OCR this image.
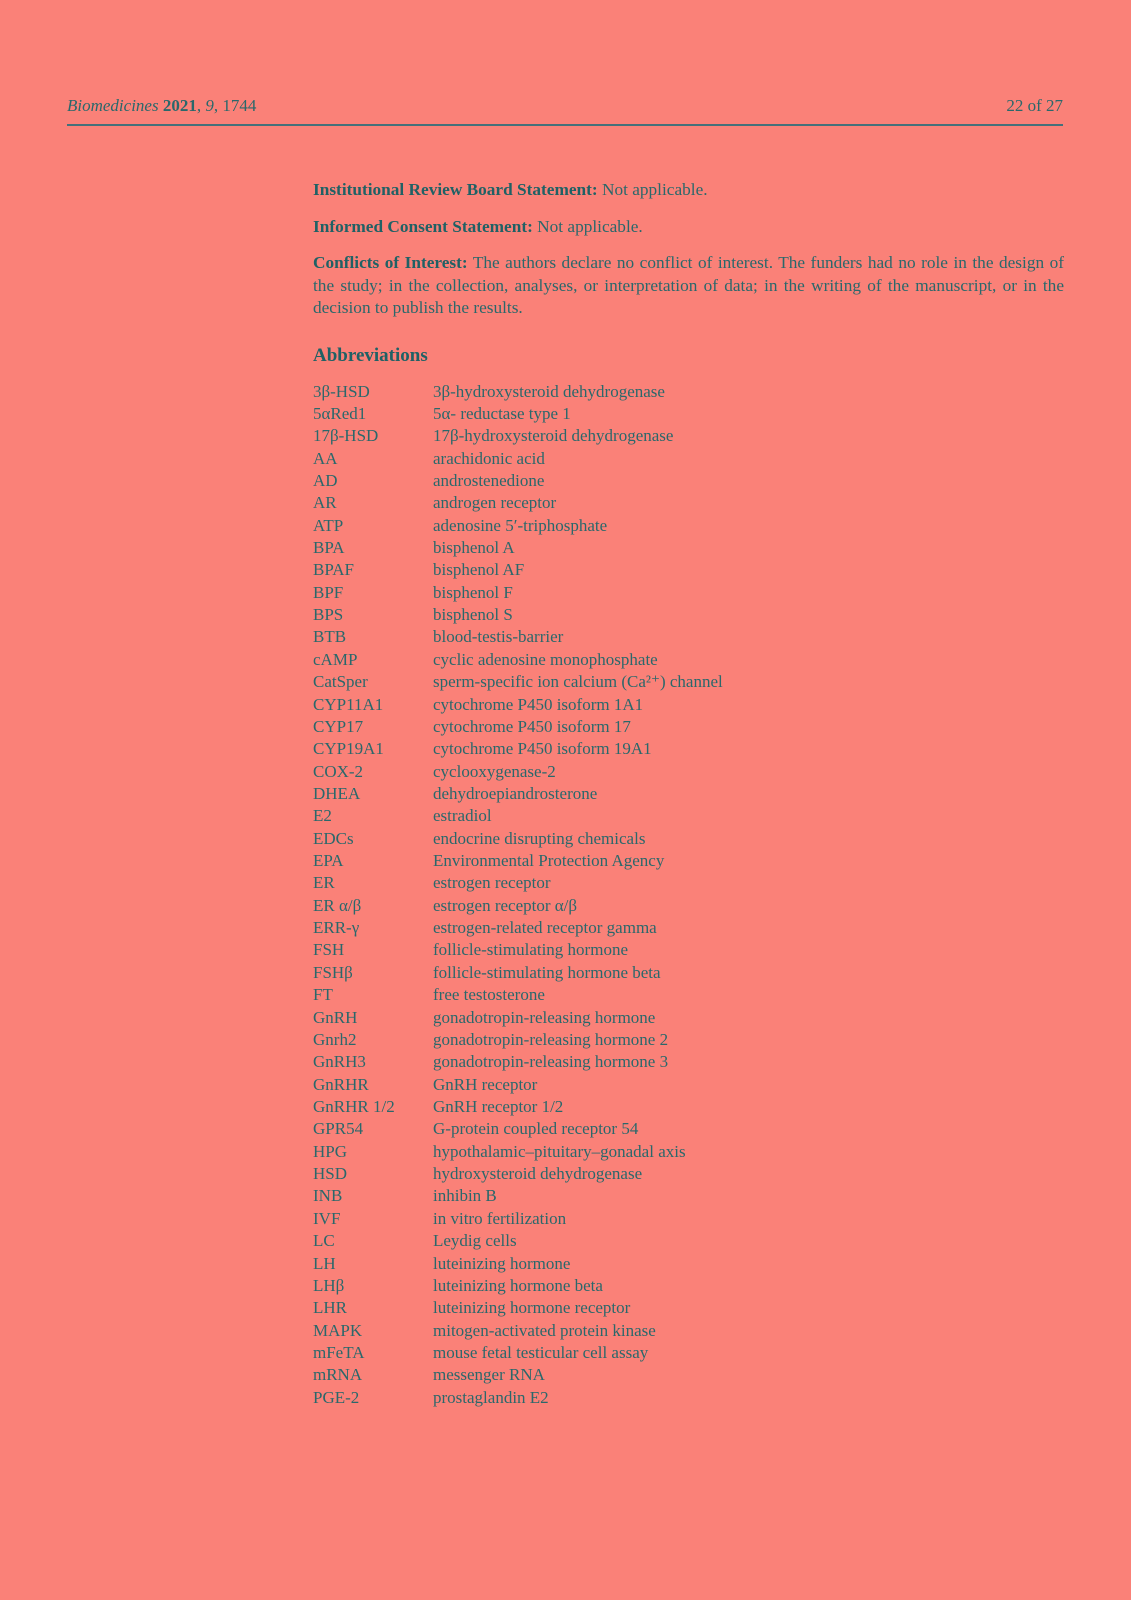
Biomedicines 2021, 9, 1744	22 of 27

Institutional Review Board Statement: Not applicable.

Informed Consent Statement: Not applicable.

Conflicts of Interest: The authors declare no conflict of interest. The funders had no role in the design of the study; in the collection, analyses, or interpretation of data; in the writing of the manuscript, or in the decision to publish the results.

Abbreviations
3β-HSD	3β-hydroxysteroid dehydrogenase
5αRed1	5α- reductase type 1
17β-HSD	17β-hydroxysteroid dehydrogenase
AA	arachidonic acid
AD	androstenedione
AR	androgen receptor
ATP	adenosine 5′-triphosphate
BPA	bisphenol A
BPAF	bisphenol AF
BPF	bisphenol F
BPS	bisphenol S
BTB	blood-testis-barrier
cAMP	cyclic adenosine monophosphate
CatSper	sperm-specific ion calcium (Ca²⁺) channel
CYP11A1	cytochrome P450 isoform 1A1
CYP17	cytochrome P450 isoform 17
CYP19A1	cytochrome P450 isoform 19A1
COX-2	cyclooxygenase-2
DHEA	dehydroepiandrosterone
E2	estradiol
EDCs	endocrine disrupting chemicals
EPA	Environmental Protection Agency
ER	estrogen receptor
ER α/β	estrogen receptor α/β
ERR-γ	estrogen-related receptor gamma
FSH	follicle-stimulating hormone
FSHβ	follicle-stimulating hormone beta
FT	free testosterone
GnRH	gonadotropin-releasing hormone
Gnrh2	gonadotropin-releasing hormone 2
GnRH3	gonadotropin-releasing hormone 3
GnRHR	GnRH receptor
GnRHR 1/2	GnRH receptor 1/2
GPR54	G-protein coupled receptor 54
HPG	hypothalamic–pituitary–gonadal axis
HSD	hydroxysteroid dehydrogenase
INB	inhibin B
IVF	in vitro fertilization
LC	Leydig cells
LH	luteinizing hormone
LHβ	luteinizing hormone beta
LHR	luteinizing hormone receptor
MAPK	mitogen-activated protein kinase
mFeTA	mouse fetal testicular cell assay
mRNA	messenger RNA
PGE-2	prostaglandin E2
